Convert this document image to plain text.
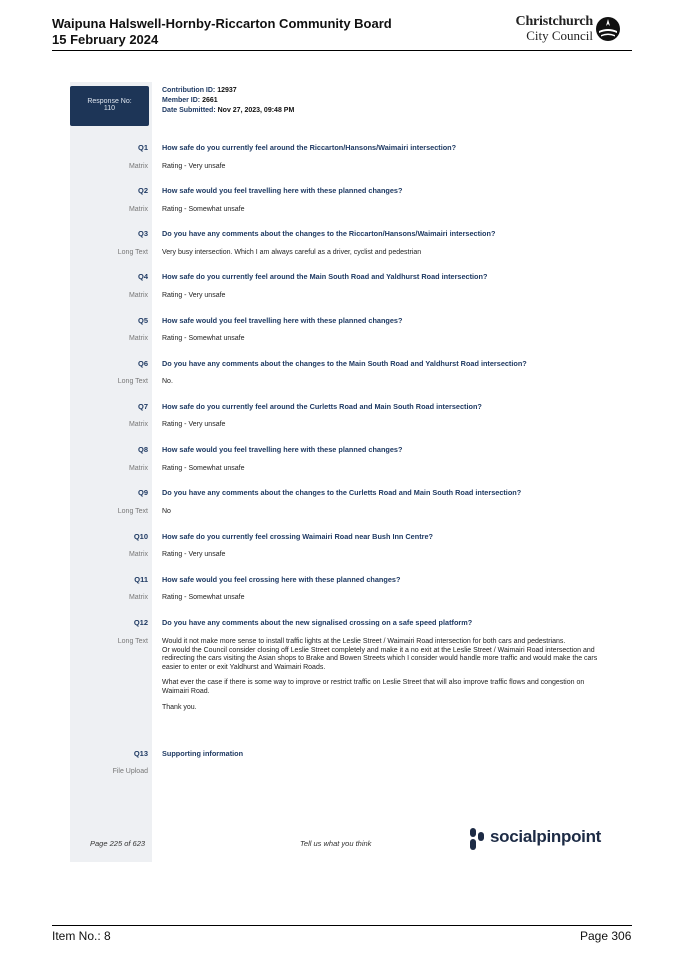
Waipuna Halswell-Hornby-Riccarton Community Board
15 February 2024
Christchurch
City Council
Response No:
110
Contribution ID: 12937
Member ID: 2661
Date Submitted: Nov 27, 2023, 09:48 PM
Q1 How safe do you currently feel around the Riccarton/Hansons/Waimairi intersection?
Matrix Rating - Very unsafe
Q2 How safe would you feel travelling here with these planned changes?
Matrix Rating - Somewhat unsafe
Q3 Do you have any comments about the changes to the Riccarton/Hansons/Waimairi intersection?
Long Text Very busy intersection. Which I am always careful as a driver, cyclist and pedestrian
Q4 How safe do you currently feel around the Main South Road and Yaldhurst Road intersection?
Matrix Rating - Very unsafe
Q5 How safe would you feel travelling here with these planned changes?
Matrix Rating - Somewhat unsafe
Q6 Do you have any comments about the changes to the Main South Road and Yaldhurst Road intersection?
Long Text No.
Q7 How safe do you currently feel around the Curletts Road and Main South Road intersection?
Matrix Rating - Very unsafe
Q8 How safe would you feel travelling here with these planned changes?
Matrix Rating - Somewhat unsafe
Q9 Do you have any comments about the changes to the Curletts Road and Main South Road intersection?
Long Text No
Q10 How safe do you currently feel crossing Waimairi Road near Bush Inn Centre?
Matrix Rating - Very unsafe
Q11 How safe would you feel crossing here with these planned changes?
Matrix Rating - Somewhat unsafe
Q12 Do you have any comments about the new signalised crossing on a safe speed platform?
Long Text Would it not make more sense to install traffic lights at the Leslie Street / Waimairi Road intersection for both cars and pedestrians.

Or would the Council consider closing off Leslie Street completely and make it a no exit at the Leslie Street / Waimairi Road intersection and redirecting the cars visiting the Asian shops to Brake and Bowen Streets which I consider would handle more traffic and would make the cars easier to enter or exit Yaldhurst and Waimairi Roads.

What ever the case if there is some way to improve or restrict traffic on Leslie Street that will also improve traffic flows and congestion on Waimairi Road.

Thank you.

Q13 Supporting information
File Upload
Page 225 of 623	Tell us what you think	socialpinpoint
Item No.: 8	Page 306
